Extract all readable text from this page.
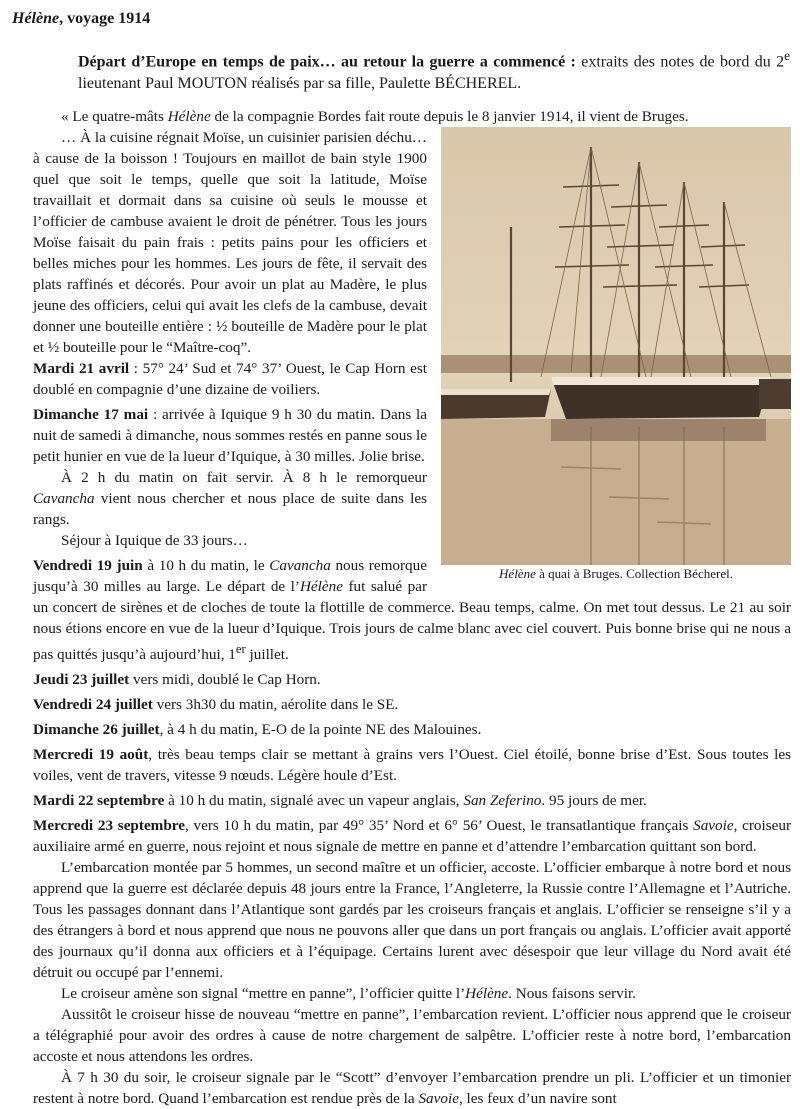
Hélène, voyage 1914

Départ d’Europe en temps de paix… au retour la guerre a commencé : extraits des notes de bord du 2e lieutenant Paul MOUTON réalisés par sa fille, Paulette BÉCHEREL.

« Le quatre-mâts Hélène de la compagnie Bordes fait route depuis le 8 janvier 1914, il vient de Bruges.

Hélène à quai à Bruges. Collection Bécherel.

… À la cuisine régnait Moïse, un cuisinier parisien déchu… à cause de la boisson ! Toujours en maillot de bain style 1900 quel que soit le temps, quelle que soit la latitude, Moïse travaillait et dormait dans sa cuisine où seuls le mousse et l’officier de cambuse avaient le droit de pénétrer. Tous les jours Moïse faisait du pain frais : petits pains pour les officiers et belles miches pour les hommes. Les jours de fête, il servait des plats raffinés et décorés. Pour avoir un plat au Madère, le plus jeune des officiers, celui qui avait les clefs de la cambuse, devait donner une bouteille entière : ½ bouteille de Madère pour le plat et ½ bouteille pour le “Maître-coq”.

Mardi 21 avril : 57° 24’ Sud et 74° 37’ Ouest, le Cap Horn est doublé en compagnie d’une dizaine de voiliers.

Dimanche 17 mai : arrivée à Iquique 9 h 30 du matin. Dans la nuit de samedi à dimanche, nous sommes restés en panne sous le petit hunier en vue de la lueur d’Iquique, à 30 milles. Jolie brise.

À 2 h du matin on fait servir. À 8 h le remorqueur Cavancha vient nous chercher et nous place de suite dans les rangs.

Séjour à Iquique de 33 jours…

Vendredi 19 juin à 10 h du matin, le Cavancha nous remorque jusqu’à 30 milles au large. Le départ de l’Hélène fut salué par un concert de sirènes et de cloches de toute la flottille de commerce. Beau temps, calme. On met tout dessus. Le 21 au soir nous étions encore en vue de la lueur d’Iquique. Trois jours de calme blanc avec ciel couvert. Puis bonne brise qui ne nous a pas quittés jusqu’à aujourd’hui, 1er juillet.

Jeudi 23 juillet vers midi, doublé le Cap Horn.

Vendredi 24 juillet vers 3h30 du matin, aérolite dans le SE.

Dimanche 26 juillet, à 4 h du matin, E-O de la pointe NE des Malouines.

Mercredi 19 août, très beau temps clair se mettant à grains vers l’Ouest. Ciel étoilé, bonne brise d’Est. Sous toutes les voiles, vent de travers, vitesse 9 nœuds. Légère houle d’Est.

Mardi 22 septembre à 10 h du matin, signalé avec un vapeur anglais, San Zeferino. 95 jours de mer.

Mercredi 23 septembre, vers 10 h du matin, par 49° 35’ Nord et 6° 56’ Ouest, le transatlantique français Savoie, croiseur auxiliaire armé en guerre, nous rejoint et nous signale de mettre en panne et d’attendre l’embarcation quittant son bord.

L’embarcation montée par 5 hommes, un second maître et un officier, accoste. L’officier embarque à notre bord et nous apprend que la guerre est déclarée depuis 48 jours entre la France, l’Angleterre, la Russie contre l’Allemagne et l’Autriche. Tous les passages donnant dans l’Atlantique sont gardés par les croiseurs français et anglais. L’officier se renseigne s’il y a des étrangers à bord et nous apprend que nous ne pouvons aller que dans un port français ou anglais. L’officier avait apporté des journaux qu’il donna aux officiers et à l’équipage. Certains lurent avec désespoir que leur village du Nord avait été détruit ou occupé par l’ennemi.

Le croiseur amène son signal “mettre en panne”, l’officier quitte l’Hélène. Nous faisons servir.

Aussitôt le croiseur hisse de nouveau “mettre en panne”, l’embarcation revient. L’officier nous apprend que le croiseur a télégraphié pour avoir des ordres à cause de notre chargement de salpêtre. L’officier reste à notre bord, l’embarcation accoste et nous attendons les ordres.

À 7 h 30 du soir, le croiseur signale par le “Scott” d’envoyer l’embarcation prendre un pli. L’officier et un timonier restent à notre bord. Quand l’embarcation est rendue près de la Savoie, les feux d’un navire sont
